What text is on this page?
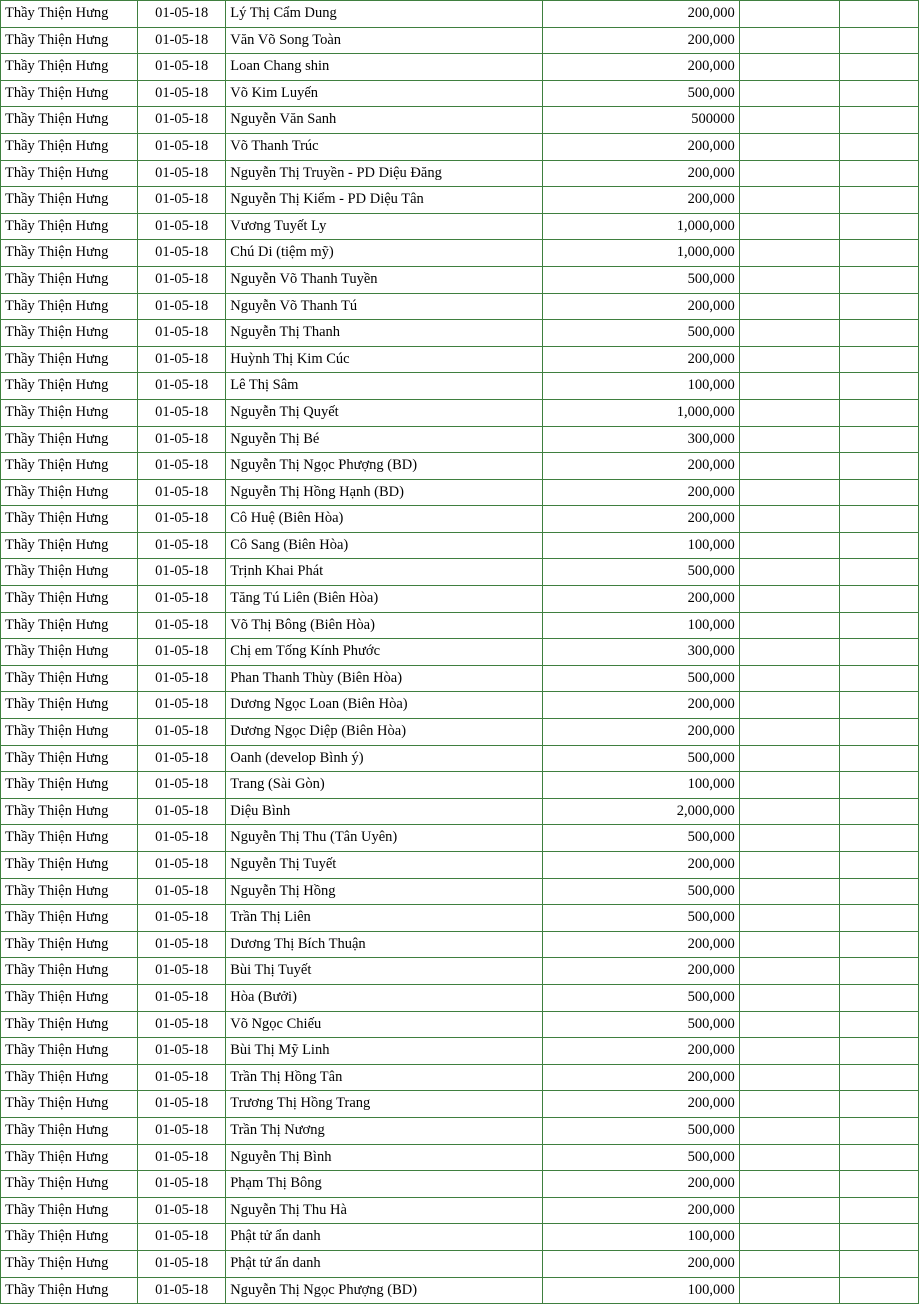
Thầy Thiện Hưng	01-05-18	Lý Thị Cẩm Dung	200,000		
Thầy Thiện Hưng	01-05-18	Văn Võ Song Toàn	200,000		
Thầy Thiện Hưng	01-05-18	Loan Chang shin	200,000		
Thầy Thiện Hưng	01-05-18	Võ Kim Luyến	500,000		
Thầy Thiện Hưng	01-05-18	Nguyễn Văn Sanh	500000		
Thầy Thiện Hưng	01-05-18	Võ Thanh Trúc	200,000		
Thầy Thiện Hưng	01-05-18	Nguyễn Thị Truyền - PD Diệu Đăng	200,000		
Thầy Thiện Hưng	01-05-18	Nguyễn Thị Kiểm - PD Diệu Tân	200,000		
Thầy Thiện Hưng	01-05-18	Vương Tuyết Ly	1,000,000		
Thầy Thiện Hưng	01-05-18	Chú Di (tiệm mỹ)	1,000,000		
Thầy Thiện Hưng	01-05-18	Nguyễn Võ Thanh Tuyền	500,000		
Thầy Thiện Hưng	01-05-18	Nguyễn Võ Thanh Tú	200,000		
Thầy Thiện Hưng	01-05-18	Nguyễn Thị Thanh	500,000		
Thầy Thiện Hưng	01-05-18	Huỳnh Thị Kim Cúc	200,000		
Thầy Thiện Hưng	01-05-18	Lê Thị Sâm	100,000		
Thầy Thiện Hưng	01-05-18	Nguyễn Thị Quyết	1,000,000		
Thầy Thiện Hưng	01-05-18	Nguyễn Thị Bé	300,000		
Thầy Thiện Hưng	01-05-18	Nguyễn Thị Ngọc Phượng (BD)	200,000		
Thầy Thiện Hưng	01-05-18	Nguyễn Thị Hồng Hạnh (BD)	200,000		
Thầy Thiện Hưng	01-05-18	Cô Huệ (Biên Hòa)	200,000		
Thầy Thiện Hưng	01-05-18	Cô Sang (Biên Hòa)	100,000		
Thầy Thiện Hưng	01-05-18	Trịnh Khai Phát	500,000		
Thầy Thiện Hưng	01-05-18	Tăng Tú Liên (Biên Hòa)	200,000		
Thầy Thiện Hưng	01-05-18	Võ Thị Bông (Biên Hòa)	100,000		
Thầy Thiện Hưng	01-05-18	Chị em Tống Kính Phước	300,000		
Thầy Thiện Hưng	01-05-18	Phan Thanh Thùy (Biên Hòa)	500,000		
Thầy Thiện Hưng	01-05-18	Dương Ngọc Loan (Biên Hòa)	200,000		
Thầy Thiện Hưng	01-05-18	Dương Ngọc Diệp (Biên Hòa)	200,000		
Thầy Thiện Hưng	01-05-18	Oanh (develop Bình ý)	500,000		
Thầy Thiện Hưng	01-05-18	Trang (Sài Gòn)	100,000		
Thầy Thiện Hưng	01-05-18	Diệu Bình	2,000,000		
Thầy Thiện Hưng	01-05-18	Nguyễn Thị Thu (Tân Uyên)	500,000		
Thầy Thiện Hưng	01-05-18	Nguyễn Thị Tuyết	200,000		
Thầy Thiện Hưng	01-05-18	Nguyễn Thị Hồng	500,000		
Thầy Thiện Hưng	01-05-18	Trần Thị Liên	500,000		
Thầy Thiện Hưng	01-05-18	Dương Thị Bích Thuận	200,000		
Thầy Thiện Hưng	01-05-18	Bùi Thị Tuyết	200,000		
Thầy Thiện Hưng	01-05-18	Hòa (Bưởi)	500,000		
Thầy Thiện Hưng	01-05-18	Võ Ngọc Chiếu	500,000		
Thầy Thiện Hưng	01-05-18	Bùi Thị Mỹ Linh	200,000		
Thầy Thiện Hưng	01-05-18	Trần Thị Hồng Tân	200,000		
Thầy Thiện Hưng	01-05-18	Trương Thị Hồng Trang	200,000		
Thầy Thiện Hưng	01-05-18	Trần Thị Nương	500,000		
Thầy Thiện Hưng	01-05-18	Nguyễn Thị Bình	500,000		
Thầy Thiện Hưng	01-05-18	Phạm Thị Bông	200,000		
Thầy Thiện Hưng	01-05-18	Nguyễn Thị Thu Hà	200,000		
Thầy Thiện Hưng	01-05-18	Phật tử ẩn danh	100,000		
Thầy Thiện Hưng	01-05-18	Phật tử ẩn danh	200,000		
Thầy Thiện Hưng	01-05-18	Nguyễn Thị Ngọc Phượng (BD)	100,000		
